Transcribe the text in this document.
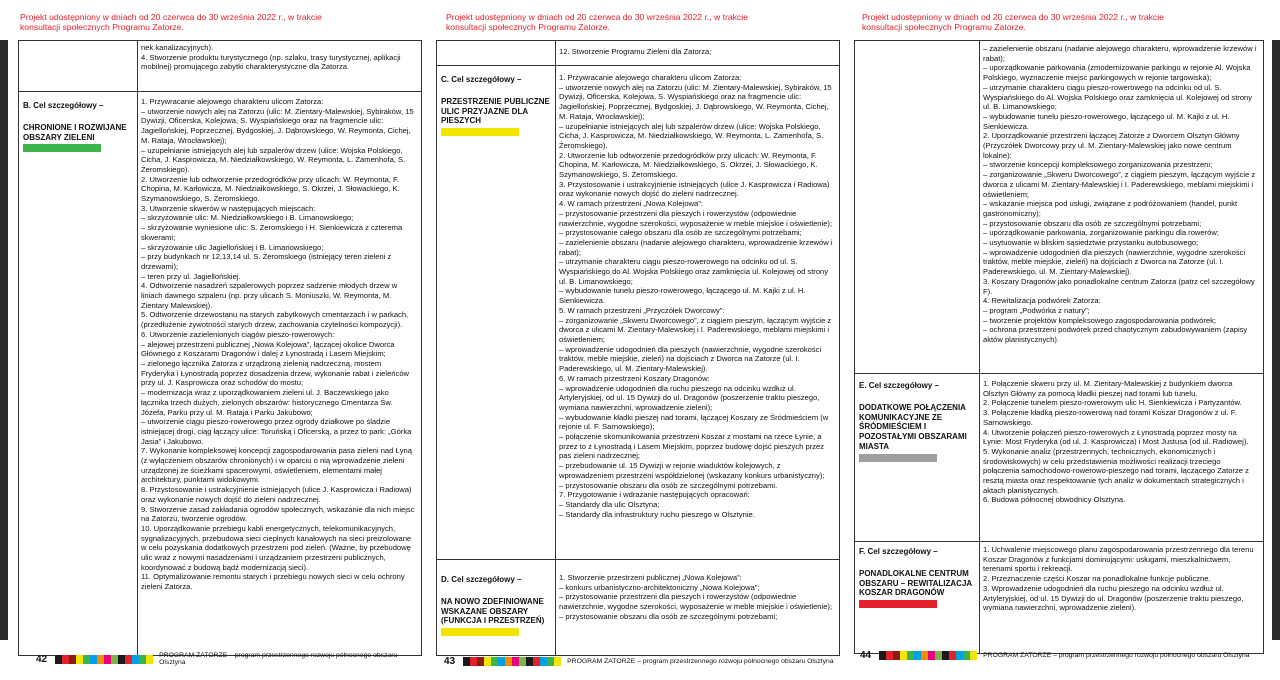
Projekt udostępniony w dniach od 20 czerwca do 30 września 2022 r., w trakcie konsultacji społecznych Programu Zatorze.
nek kanalizacyjnych).
4. Stworzenie produktu turystycznego (np. szlaku, trasy turystycznej, aplikacji mobilnej) promującego zabytki charakterystyczne dla Zatorza.
B. Cel szczegółowy –
CHRONIONE I ROZWIJANE OBSZARY ZIELENI
1. Przywracanie alejowego charakteru ulicom Zatorza:
– utworzenie nowych alej na Zatorzu (ulic: M. Zientary-Malewskiej, Sybiraków, 15 Dywizji, Oficerska, Kolejowa, S. Wyspiańskiego oraz na fragmencie ulic: Jagiellońskiej, Poprzecznej, Bydgoskiej, J. Dąbrowskiego, W. Reymonta, Cichej, M. Rataja, Wrocławskiej);
– uzupełnianie istniejących alej lub szpalerów drzew (ulice: Wojska Polskiego, Cicha, J. Kasprowicza, M. Niedziałkowskiego, W. Reymonta, L. Zamenhofa, S. Żeromskiego).
2. Utworzenie lub odtworzenie przedogródków przy ulicach: W. Reymonta, F. Chopina, M. Karłowicza, M. Niedziałkowskiego, S. Okrzei, J. Słowackiego, K. Szymanowskiego, S. Żeromskiego.
3. Utworzenie skwerów w następujących miejscach:
– skrzyżowanie ulic: M. Niedziałkowskiego i B. Limanowskiego;
– skrzyżowanie wyniesione ulic: S. Żeromskiego i H. Sienkiewicza z czterema skwerami;
– skrzyżowanie ulic Jagiellońskiej i B. Limanowskiego;
– przy budynkach nr 12,13,14 ul. S. Żeromskiego (istniejący teren zieleni z drzewami);
– teren przy ul. Jagiellońskiej.
4. Odtworzenie nasadzeń szpalerowych poprzez sadzenie młodych drzew w liniach dawnego szpaleru (np. przy ulicach S. Moniuszki, W. Reymonta, M. Zientary Malewskiej).
5. Odtworzenie drzewostanu na starych zabytkowych cmentarzach i w parkach, (przedłużenie żywotności starych drzew, zachowania czytelności kompozycji).
6. Utworzenie zazielenionych ciągów pieszo-rowerowych:
– alejowej przestrzeni publicznej „Nowa Kolejowa”, łączącej okolice Dworca Głównego z Koszarami Dragonów i dalej z Łynostradą i Lasem Miejskim;
– zielonego łącznika Zatorza z urządzoną zielenią nadrzeczną, mostem Fryderyka i Łynostradą poprzez dosadzenia drzew, wykonanie rabat i zieleńców przy ul. J. Kasprowicza oraz schodów do mostu;
– modernizacja wraz z uporządkowaniem zieleni ul. J. Baczewskiego jako łącznika trzech dużych, zielonych obszarów: historycznego Cmentarza Św. Józefa, Parku przy ul. M. Rataja i Parku Jakubowo;
– utworzenie ciągu pieszo-rowerowego przez ogrody działkowe po śladzie istniejącej drogi, ciąg łączący ulice: Toruńską i Oficerską, a przez to park: „Górka Jasia” i Jakubowo.
7. Wykonanie kompleksowej koncepcji zagospodarowania pasa zieleni nad Łyną (z wyłączeniem obszarów chronionych) i w oparciu o nią wprowadzenie zieleni urządzonej ze ścieżkami spacerowymi, oświetleniem, elementami małej architektury, punktami widokowymi.
8. Przystosowanie i ustrakcyjnienie istniejących (ulice J. Kasprowicza i Radiowa) oraz wykonanie nowych dojść do zieleni nadrzecznej.
9. Stworzenie zasad zakładania ogrodów społecznych, wskazanie dla nich miejsc na Zatorzu, tworzenie ogrodów.
10. Uporządkowanie przebiegu kabli energetycznych, telekomunikacyjnych, sygnalizacyjnych, przebudowa sieci cieplnych kanałowych na sieci preizolowane w celu pozyskania dodatkowych przestrzeni pod zieleń. (Ważne, by przebudowę ulic wraz z nowymi nasadzeniami i urządzaniem przestrzeni publicznych, koordynować z budową bądź modernizacją sieci).
11. Optymalizowanie remontu starych i przebiegu nowych sieci w celu ochrony zieleni Zatorza.
42	PROGRAM ZATORZE – program przestrzennego rozwoju północnego obszaru Olsztyna
Projekt udostępniony w dniach od 20 czerwca do 30 września 2022 r., w trakcie konsultacji społecznych Programu Zatorze.
12. Stworzenie Programu Zieleni dla Zatorza;
C. Cel szczegółowy –
PRZESTRZENIE PUBLICZNE ULIC PRZYJAZNE DLA PIESZYCH
1. Przywracanie alejowego charakteru ulicom Zatorza:
– utworzenie nowych alej na Zatorzu (ulic: M. Zientary-Malewskiej, Sybiraków, 15 Dywizji, Oficerska, Kolejowa, S. Wyspiańskiego oraz na fragmencie ulic: Jagiellońskiej, Poprzecznej, Bydgoskiej, J. Dąbrowskiego, W. Reymonta, Cichej, M. Rataja, Wrocławskiej);
– uzupełnianie istniejących alej lub szpalerów drzew (ulice: Wojska Polskiego, Cicha, J. Kasprowicza, M. Niedziałkowskiego, W. Reymonta, L. Zamenhofa, S. Żeromskiego).
2. Utworzenie lub odtworzenie przedogródków przy ulicach: W. Reymonta, F. Chopina, M. Karłowicza, M. Niedziałkowskiego, S. Okrzei, J. Słowackiego, K. Szymanowskiego, S. Żeromskiego.
3. Przystosowanie i ustrakcyjnienie istniejących (ulice J. Kasprowicza i Radiowa) oraz wykonanie nowych dojść do zieleni nadrzecznej.
4. W ramach przestrzeni „Nowa Kolejowa”:
– przystosowanie przestrzeni dla pieszych i rowerzystów (odpowiednie nawierzchnie, wygodne szerokości, wyposażenie w meble miejskie i oświetlenie);
– przystosowanie całego obszaru dla osób ze szczególnymi potrzebami;
– zazielenienie obszaru (nadanie alejowego charakteru, wprowadzenie krzewów i rabat);
– utrzymanie charakteru ciągu pieszo-rowerowego na odcinku od ul. S. Wyspiańskiego do Al. Wojska Polskiego oraz zamknięcia ul. Kolejowej od strony ul. B. Limanowskiego;
– wybudowanie tunelu pieszo-rowerowego, łączącego ul. M. Kajki z ul. H. Sienkiewicza.
5. W ramach przestrzeni „Przyczółek Dworcowy”:
– zorganizowanie „Skweru Dworcowego”, z ciągiem pieszym, łączącym wyjście z dworca z ulicami M. Zientary-Malewskiej i I. Paderewskiego, meblami miejskimi i oświetleniem;
– wprowadzenie udogodnień dla pieszych (nawierzchnie, wygodne szerokości traktów, meble miejskie, zieleń) na dojściach z Dworca na Zatorze (ul. I. Paderewskiego, ul. M. Zientary-Malewskiej).
6. W ramach przestrzeni Koszary Dragonów:
– wprowadzenie udogodnień dla ruchu pieszego na odcinku wzdłuż ul. Artyleryjskiej, od ul. 15 Dywizji do ul. Dragonów (poszerzenie traktu pieszego, wymiana nawierzchni, wprowadzenie zieleni);
– wybudowanie kładki pieszej nad torami, łączącej Koszary ze Śródmieściem (w rejonie ul. F. Sarnowskiego);
– połączenie skomunikowania przestrzeni Koszar z mostami na rzece Łynie, a przez to z Łynostradą i Lasem Miejskim, poprzez budowę dojść pieszych przez pas zieleni nadrzecznej;
– przebudowanie ul. 15 Dywizji w rejonie wiaduktów kolejowych, z wprowadzeniem przestrzeni współdzielonej (wskazany konkurs urbanistyczny);
– przystosowanie obszaru dla osób ze szczególnymi potrzebami.
7. Przygotowanie i wdrażanie następujących opracowań:
– Standardy dla ulic Olsztyna;
– Standardy dla infrastruktury ruchu pieszego w Olsztynie.
D. Cel szczegółowy –
NA NOWO ZDEFINIOWANE WSKAZANE OBSZARY (FUNKCJA I PRZESTRZEŃ)
1. Stworzenie przestrzeni publicznej „Nowa Kolejowa”:
– konkurs urbanistyczno-architektoniczny „Nowa Kolejowa”;
– przystosowanie przestrzeni dla pieszych i rowerzystów (odpowiednie nawierzchnie, wygodne szerokości, wyposażenie w meble miejskie i oświetlenie);
– przystosowanie obszaru dla osób ze szczególnymi potrzebami;
43	PROGRAM ZATORZE – program przestrzennego rozwoju północnego obszaru Olsztyna
Projekt udostępniony w dniach od 20 czerwca do 30 września 2022 r., w trakcie konsultacji społecznych Programu Zatorze.
– zazielenienie obszaru (nadanie alejowego charakteru, wprowadzenie krzewów i rabat);
– uporządkowanie parkowania (zmodernizowanie parkingu w rejonie Al. Wojska Polskiego, wyznaczenie miejsc parkingowych w rejonie targowiska);
– utrzymanie charakteru ciągu pieszo-rowerowego na odcinku od ul. S. Wyspiańskiego do Al. Wojska Polskiego oraz zamknięcia ul. Kolejowej od strony ul. B. Limanowskiego;
– wybudowanie tunelu pieszo-rowerowego, łączącego ul. M. Kajki z ul. H. Sienkiewicza.
2. Uporządkowanie przestrzeni łączącej Zatorze z Dworcem Olsztyn Główny (Przyczółek Dworcowy przy ul. M. Zientary-Malewskiej jako nowe centrum lokalne):
– stworzenie koncepcji kompleksowego zorganizowania przestrzeni;
– zorganizowanie „Skweru Dworcowego”, z ciągiem pieszym, łączącym wyjście z dworca z ulicami M. Zientary-Malewskiej i I. Paderewskiego, meblami miejskimi i oświetleniem;
– wskazanie miejsca pod usługi, związane z podróżowaniem (handel, punkt gastronomiczny);
– przystosowanie obszaru dla osób ze szczególnymi potrzebami;
– uporządkowanie parkowania, zorganizowanie parkingu dla rowerów;
– usytuowanie w bliskim sąsiedztwie przystanku autobusowego;
– wprowadzenie udogodnień dla pieszych (nawierzchnie, wygodne szerokości traktów, meble miejskie, zieleń) na dojściach z Dworca na Zatorze (ul. I. Paderewskiego, ul. M. Zientary-Malewskiej).
3. Koszary Dragonów jako ponadlokalne centrum Zatorza (patrz cel szczegółowy F).
4. Rewitalizacja podwórek Zatorza:
– program „Podwórka z natury”;
– tworzenie projektów kompleksowego zagospodarowania podwórek;
– ochrona przestrzeni podwórek przed chaotycznym zabudowywaniem (zapisy aktów planistycznych).
E. Cel szczegółowy –
DODATKOWE POŁĄCZENIA KOMUNIKACYJNE ZE ŚRÓDMIEŚCIEM I POZOSTAŁYMI OBSZARAMI MIASTA
1. Połączenie skweru przy ul. M. Zientary-Malewskiej z budynkiem dworca Olsztyn Główny za pomocą kładki pieszej nad torami lub tunelu.
2. Połączenie tunelem pieszo-rowerowym ulic H. Sienkiewicza i Partyzantów.
3. Połączenie kładką pieszo-rowerową nad torami Koszar Dragonów z ul. F. Sarnowskiego.
4. Utworzenie połączeń pieszo-rowerowych z Łynostradą poprzez mosty na Łynie: Most Fryderyka (od ul. J. Kasprowicza) i Most Justusa (od ul. Radiowej).
5. Wykonanie analiz (przestrzennych, technicznych, ekonomicznych i środowiskowych) w celu przedstawienia możliwości realizacji trzeciego połączenia samochodowo-rowerowo-pieszego nad torami, łączącego Zatorze z resztą miasta oraz respektowanie tych analiz w dokumentach strategicznych i aktach planistycznych.
6. Budowa północnej obwodnicy Olsztyna.
F. Cel szczegółowy –
PONADLOKALNE CENTRUM OBSZARU – REWITALIZACJA KOSZAR DRAGONÓW
1. Uchwalenie miejscowego planu zagospodarowania przestrzennego dla terenu Koszar Dragonów z funkcjami dominującymi: usługami, mieszkalnictwem, terenami sportu i rekreacji.
2. Przeznaczenie części Koszar na ponadlokalne funkcje publiczne.
3. Wprowadzenie udogodnień dla ruchu pieszego na odcinku wzdłuż ul. Artyleryjskiej, od ul. 15 Dywizji do ul. Dragonów (poszerzenie traktu pieszego, wymiana nawierzchni, wprowadzenie zieleni).
44	PROGRAM ZATORZE – program przestrzennego rozwoju północnego obszaru Olsztyna
